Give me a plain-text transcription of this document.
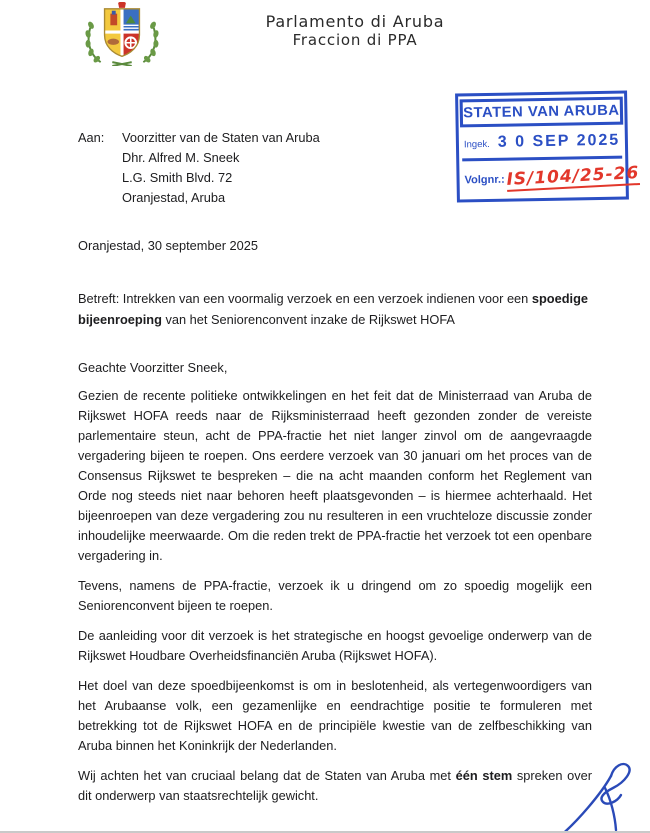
Parlamento di Aruba
Fraccion di PPA
STATEN VAN ARUBA
Ingek. 3 0 SEP 2025
Volgnr.: IS/104/25-26
Aan:	Voorzitter van de Staten van Aruba
Dhr. Alfred M. Sneek
L.G. Smith Blvd. 72
Oranjestad, Aruba
Oranjestad, 30 september 2025
Betreft: Intrekken van een voormalig verzoek en een verzoek indienen voor een spoedige bijeenroeping van het Seniorenconvent inzake de Rijkswet HOFA
Geachte Voorzitter Sneek,

Gezien de recente politieke ontwikkelingen en het feit dat de Ministerraad van Aruba de Rijkswet HOFA reeds naar de Rijksministerraad heeft gezonden zonder de vereiste parlementaire steun, acht de PPA-fractie het niet langer zinvol om de aangevraagde vergadering bijeen te roepen. Ons eerdere verzoek van 30 januari om het proces van de Consensus Rijkswet te bespreken – die na acht maanden conform het Reglement van Orde nog steeds niet naar behoren heeft plaatsgevonden – is hiermee achterhaald. Het bijeenroepen van deze vergadering zou nu resulteren in een vruchteloze discussie zonder inhoudelijke meerwaarde. Om die reden trekt de PPA-fractie het verzoek tot een openbare vergadering in.

Tevens, namens de PPA-fractie, verzoek ik u dringend om zo spoedig mogelijk een Seniorenconvent bijeen te roepen.

De aanleiding voor dit verzoek is het strategische en hoogst gevoelige onderwerp van de Rijkswet Houdbare Overheidsfinanciën Aruba (Rijkswet HOFA).

Het doel van deze spoedbijeenkomst is om in beslotenheid, als vertegenwoordigers van het Arubaanse volk, een gezamenlijke en eendrachtige positie te formuleren met betrekking tot de Rijkswet HOFA en de principiële kwestie van de zelfbeschikking van Aruba binnen het Koninkrijk der Nederlanden.

Wij achten het van cruciaal belang dat de Staten van Aruba met één stem spreken over dit onderwerp van staatsrechtelijk gewicht.
